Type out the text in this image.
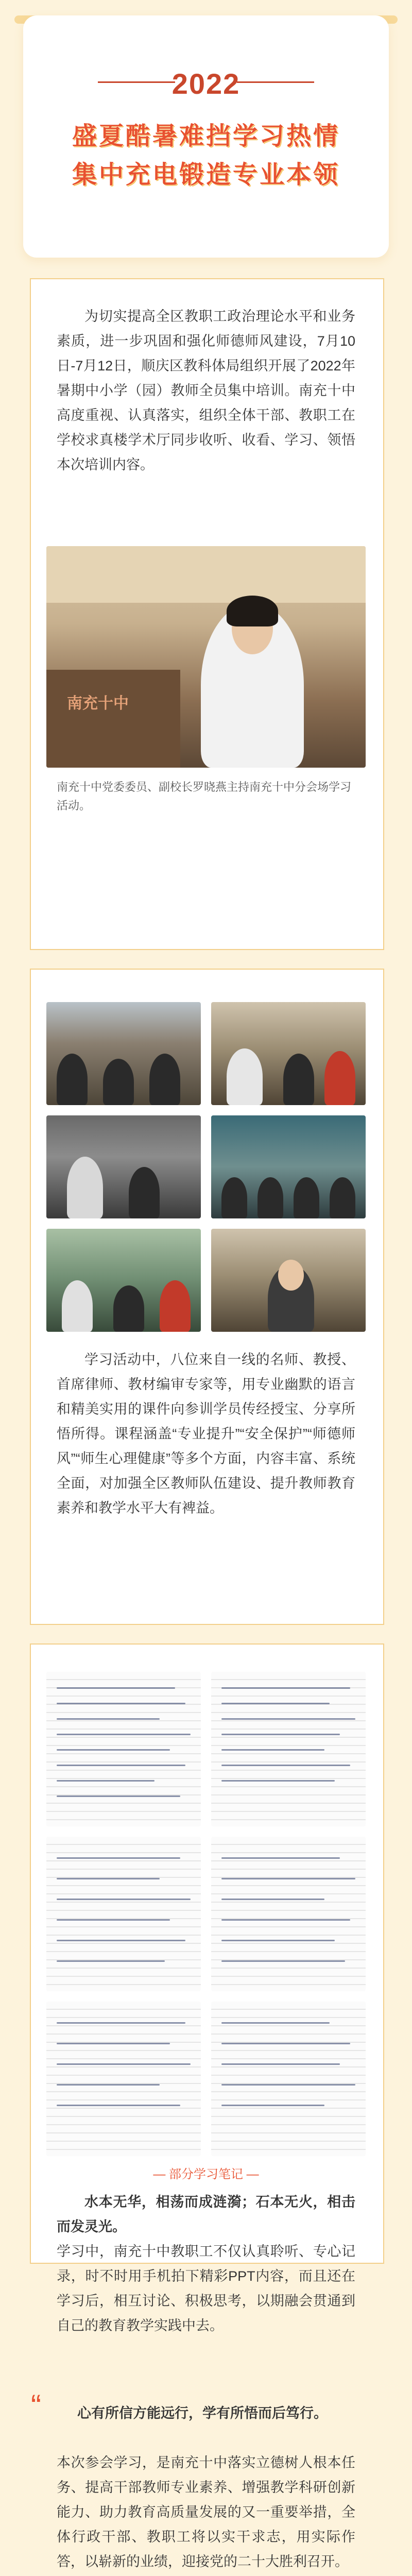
2022
盛夏酷暑难挡学习热情
集中充电锻造专业本领
为切实提高全区教职工政治理论水平和业务素质，进一步巩固和强化师德师风建设，7月10日-7月12日，顺庆区教科体局组织开展了2022年暑期中小学（园）教师全员集中培训。南充十中高度重视、认真落实，组织全体干部、教职工在学校求真楼学术厅同步收听、收看、学习、领悟本次培训内容。
南充十中
南充十中党委委员、副校长罗晓燕主持南充十中分会场学习活动。
学习活动中，八位来自一线的名师、教授、首席律师、教材编审专家等，用专业幽默的语言和精美实用的课件向参训学员传经授宝、分享所悟所得。课程涵盖“专业提升”“安全保护”“师德师风”“师生心理健康”等多个方面，内容丰富、系统全面，对加强全区教师队伍建设、提升教师教育素养和教学水平大有裨益。
— 部分学习笔记 —
水本无华，相荡而成涟漪；石本无火，相击而发灵光。
学习中，南充十中教职工不仅认真聆听、专心记录，时不时用手机拍下精彩PPT内容，而且还在学习后，相互讨论、积极思考，以期融会贯通到自己的教育教学实践中去。
“	心有所信方能远行，学有所悟而后笃行。
本次参会学习，是南充十中落实立德树人根本任务、提高干部教师专业素养、增强教学科研创新能力、助力教育高质量发展的又一重要举措，全体行政干部、教职工将以实干求志，用实际作答，以崭新的业绩，迎接党的二十大胜利召开。
